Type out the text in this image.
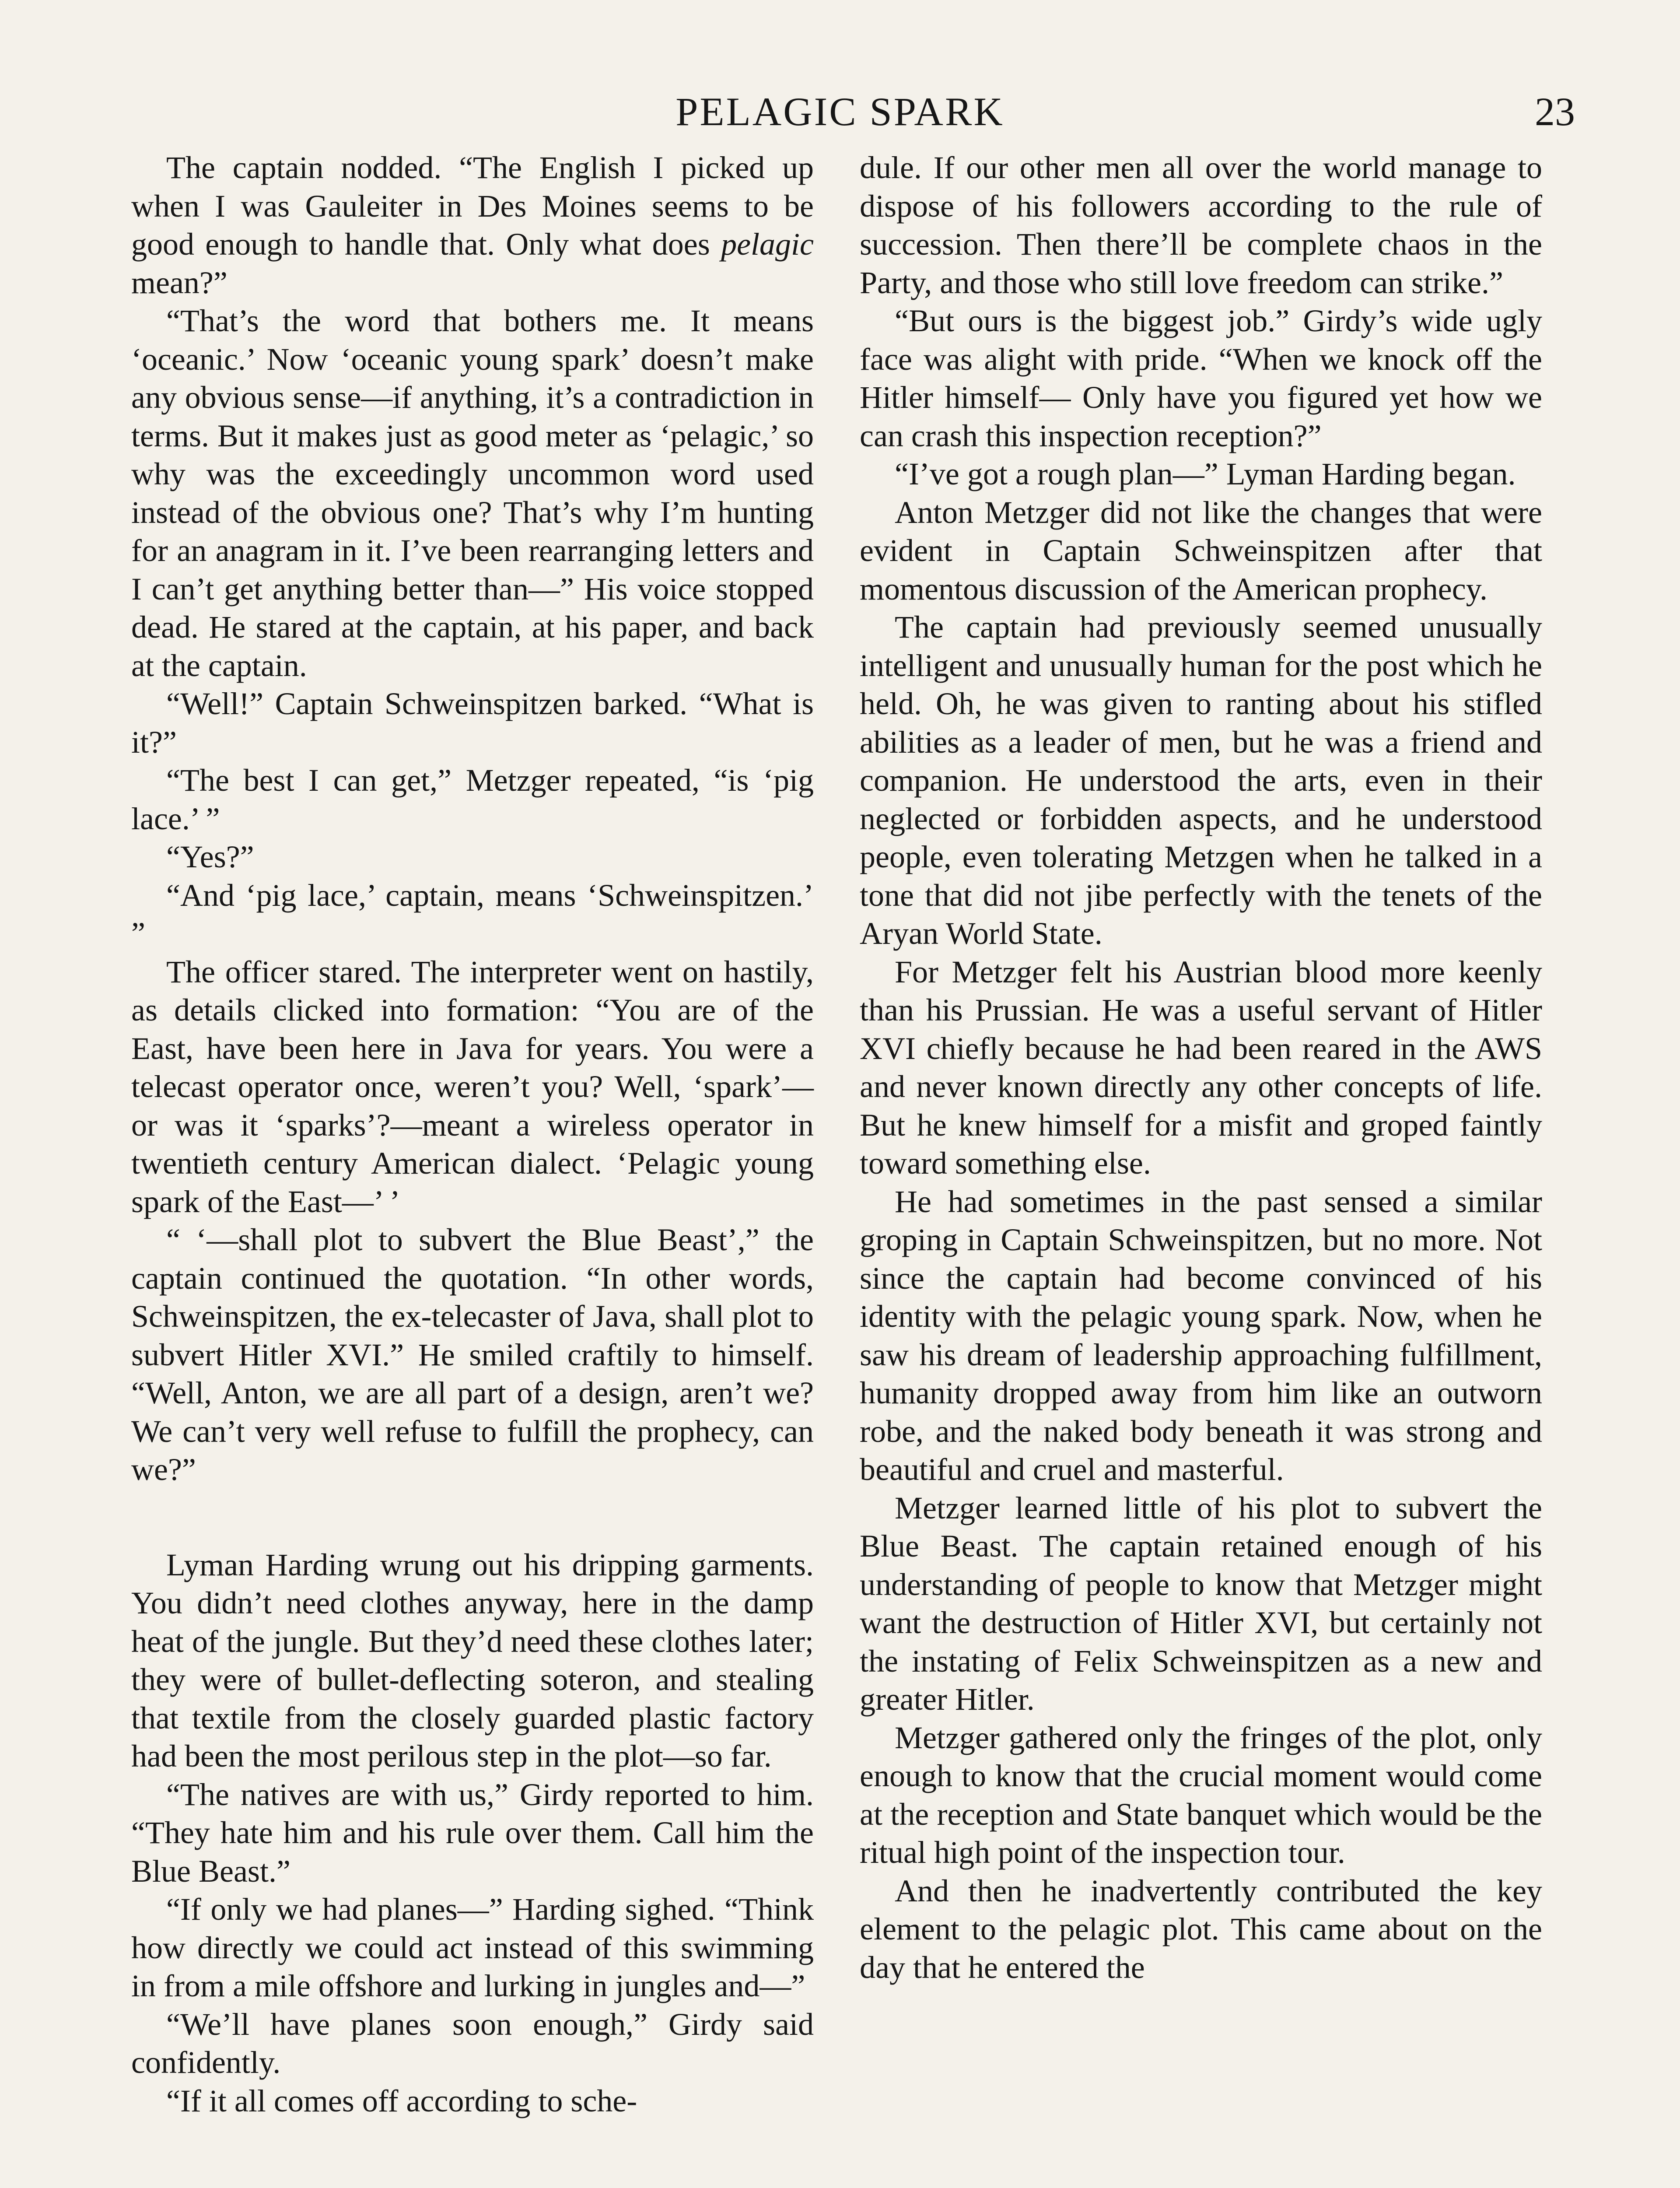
PELAGIC SPARK	23

The captain nodded. “The English I picked up when I was Gauleiter in Des Moines seems to be good enough to handle that. Only what does pelagic mean?”

“That’s the word that bothers me. It means ‘oceanic.’ Now ‘oceanic young spark’ doesn’t make any obvious sense—if anything, it’s a contradiction in terms. But it makes just as good meter as ‘pelagic,’ so why was the exceedingly uncommon word used instead of the obvious one? That’s why I’m hunting for an anagram in it. I’ve been rearranging letters and I can’t get anything better than—” His voice stopped dead. He stared at the captain, at his paper, and back at the captain.

“Well!” Captain Schweinspitzen barked. “What is it?”

“The best I can get,” Metzger repeated, “is ‘pig lace.’ ”

“Yes?”

“And ‘pig lace,’ captain, means ‘Schweinspitzen.’ ”

The officer stared. The interpreter went on hastily, as details clicked into formation: “You are of the East, have been here in Java for years. You were a telecast operator once, weren’t you? Well, ‘spark’—or was it ‘sparks’?—meant a wireless operator in twentieth century American dialect. ‘Pelagic young spark of the East—’ ’

“ ‘—shall plot to subvert the Blue Beast’,” the captain continued the quotation. “In other words, Schweinspitzen, the ex-telecaster of Java, shall plot to subvert Hitler XVI.” He smiled craftily to himself. “Well, Anton, we are all part of a design, aren’t we? We can’t very well refuse to fulfill the prophecy, can we?”

Lyman Harding wrung out his dripping garments. You didn’t need clothes anyway, here in the damp heat of the jungle. But they’d need these clothes later; they were of bullet-deflecting soteron, and stealing that textile from the closely guarded plastic factory had been the most perilous step in the plot—so far.

“The natives are with us,” Girdy reported to him. “They hate him and his rule over them. Call him the Blue Beast.”

“If only we had planes—” Harding sighed. “Think how directly we could act instead of this swimming in from a mile offshore and lurking in jungles and—”

“We’ll have planes soon enough,” Girdy said confidently.

“If it all comes off according to sche-

dule. If our other men all over the world manage to dispose of his followers according to the rule of succession. Then there’ll be complete chaos in the Party, and those who still love freedom can strike.”

“But ours is the biggest job.” Girdy’s wide ugly face was alight with pride. “When we knock off the Hitler himself— Only have you figured yet how we can crash this inspection reception?”

“I’ve got a rough plan—” Lyman Harding began.

Anton Metzger did not like the changes that were evident in Captain Schweinspitzen after that momentous discussion of the American prophecy.

The captain had previously seemed unusually intelligent and unusually human for the post which he held. Oh, he was given to ranting about his stifled abilities as a leader of men, but he was a friend and companion. He understood the arts, even in their neglected or forbidden aspects, and he understood people, even tolerating Metzgen when he talked in a tone that did not jibe perfectly with the tenets of the Aryan World State.

For Metzger felt his Austrian blood more keenly than his Prussian. He was a useful servant of Hitler XVI chiefly because he had been reared in the AWS and never known directly any other concepts of life. But he knew himself for a misfit and groped faintly toward something else.

He had sometimes in the past sensed a similar groping in Captain Schweinspitzen, but no more. Not since the captain had become convinced of his identity with the pelagic young spark. Now, when he saw his dream of leadership approaching fulfillment, humanity dropped away from him like an outworn robe, and the naked body beneath it was strong and beautiful and cruel and masterful.

Metzger learned little of his plot to subvert the Blue Beast. The captain retained enough of his understanding of people to know that Metzger might want the destruction of Hitler XVI, but certainly not the instating of Felix Schweinspitzen as a new and greater Hitler.

Metzger gathered only the fringes of the plot, only enough to know that the crucial moment would come at the reception and State banquet which would be the ritual high point of the inspection tour.

And then he inadvertently contributed the key element to the pelagic plot. This came about on the day that he entered the
